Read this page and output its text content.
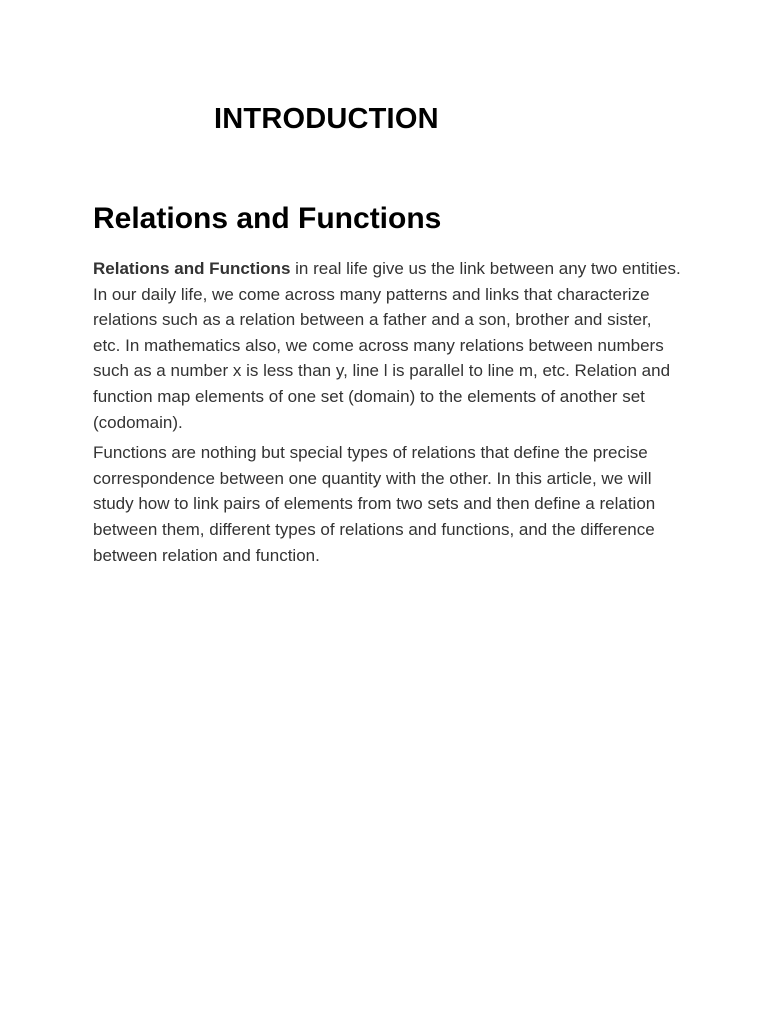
INTRODUCTION
Relations and Functions

Relations and Functions in real life give us the link between any two entities. In our daily life, we come across many patterns and links that characterize relations such as a relation between a father and a son, brother and sister, etc. In mathematics also, we come across many relations between numbers such as a number x is less than y, line l is parallel to line m, etc. Relation and function map elements of one set (domain) to the elements of another set (codomain).

Functions are nothing but special types of relations that define the precise correspondence between one quantity with the other. In this article, we will study how to link pairs of elements from two sets and then define a relation between them, different types of relations and functions, and the difference between relation and function.
